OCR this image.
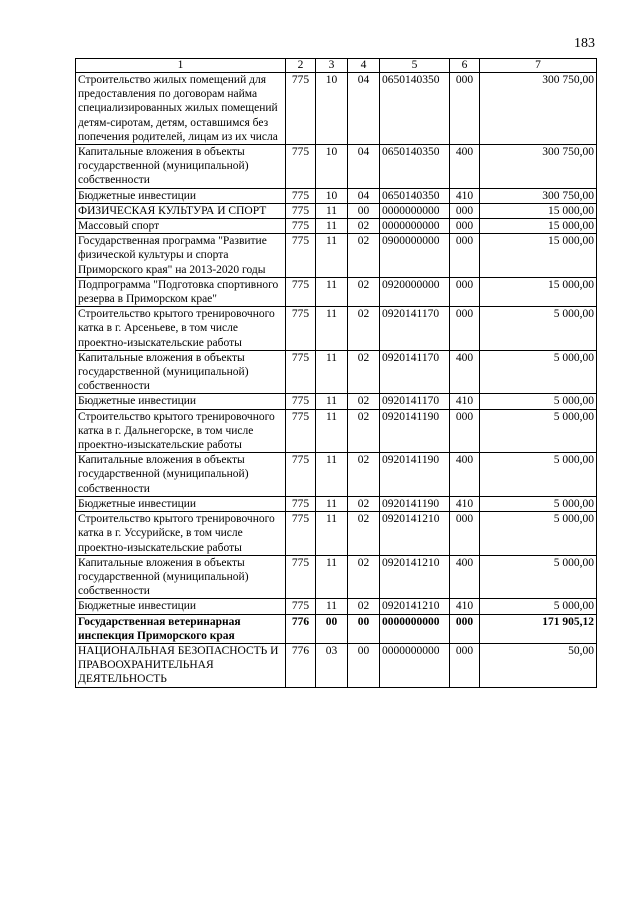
183
1	2	3	4	5	6	7
Строительство жилых помещений для предоставления по договорам найма специализированных жилых помещений детям-сиротам, детям, оставшимся без попечения родителей, лицам из их числа	775	10	04	0650140350	000	300 750,00
Капитальные вложения в объекты государственной (муниципальной) собственности	775	10	04	0650140350	400	300 750,00
Бюджетные инвестиции	775	10	04	0650140350	410	300 750,00
ФИЗИЧЕСКАЯ КУЛЬТУРА И СПОРТ	775	11	00	0000000000	000	15 000,00
Массовый спорт	775	11	02	0000000000	000	15 000,00
Государственная программа "Развитие физической культуры и спорта Приморского края" на 2013-2020 годы	775	11	02	0900000000	000	15 000,00
Подпрограмма "Подготовка спортивного резерва в Приморском крае"	775	11	02	0920000000	000	15 000,00
Строительство крытого тренировочного катка в г. Арсеньеве, в том числе проектно-изыскательские работы	775	11	02	0920141170	000	5 000,00
Капитальные вложения в объекты государственной (муниципальной) собственности	775	11	02	0920141170	400	5 000,00
Бюджетные инвестиции	775	11	02	0920141170	410	5 000,00
Строительство крытого тренировочного катка в г. Дальнегорске, в том числе проектно-изыскательские работы	775	11	02	0920141190	000	5 000,00
Капитальные вложения в объекты государственной (муниципальной) собственности	775	11	02	0920141190	400	5 000,00
Бюджетные инвестиции	775	11	02	0920141190	410	5 000,00
Строительство крытого тренировочного катка в г. Уссурийске, в том числе проектно-изыскательские работы	775	11	02	0920141210	000	5 000,00
Капитальные вложения в объекты государственной (муниципальной) собственности	775	11	02	0920141210	400	5 000,00
Бюджетные инвестиции	775	11	02	0920141210	410	5 000,00
Государственная ветеринарная инспекция Приморского края	776	00	00	0000000000	000	171 905,12
НАЦИОНАЛЬНАЯ БЕЗОПАСНОСТЬ И ПРАВООХРАНИТЕЛЬНАЯ ДЕЯТЕЛЬНОСТЬ	776	03	00	0000000000	000	50,00
